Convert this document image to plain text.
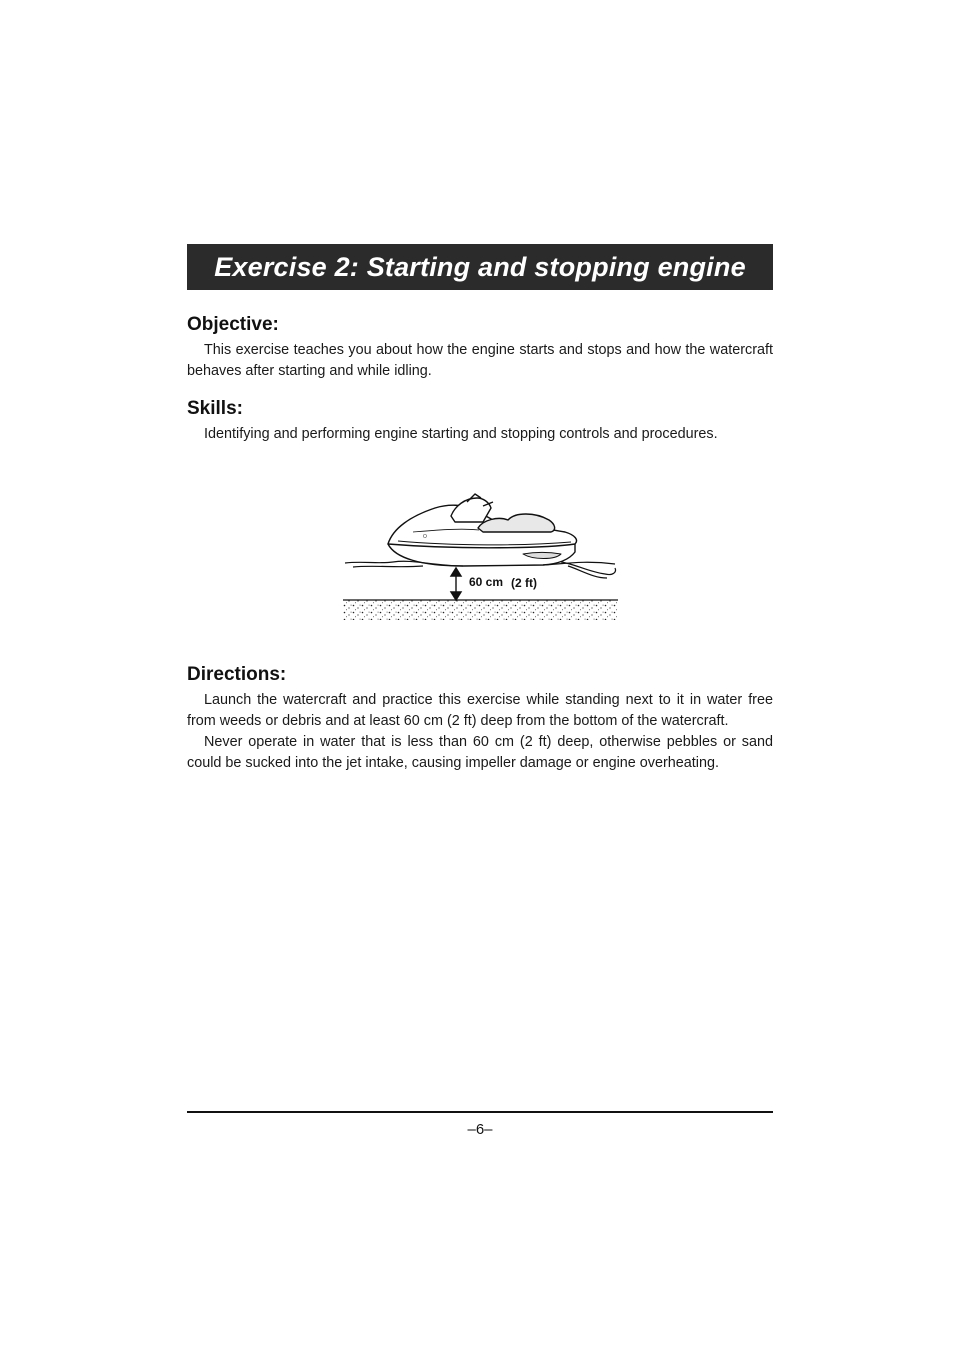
Exercise 2: Starting and stopping engine
Objective:

This exercise teaches you about how the engine starts and stops and how the watercraft behaves after starting and while idling.

Skills:

Identifying and performing engine starting and stopping controls and procedures.

O
60 cm (2 ft)
Directions:

Launch the watercraft and practice this exercise while standing next to it in water free from weeds or debris and at least 60 cm (2 ft) deep from the bottom of the watercraft.

Never operate in water that is less than 60 cm (2 ft) deep, otherwise pebbles or sand could be sucked into the jet intake, causing impeller damage or engine overheating.

–6–
